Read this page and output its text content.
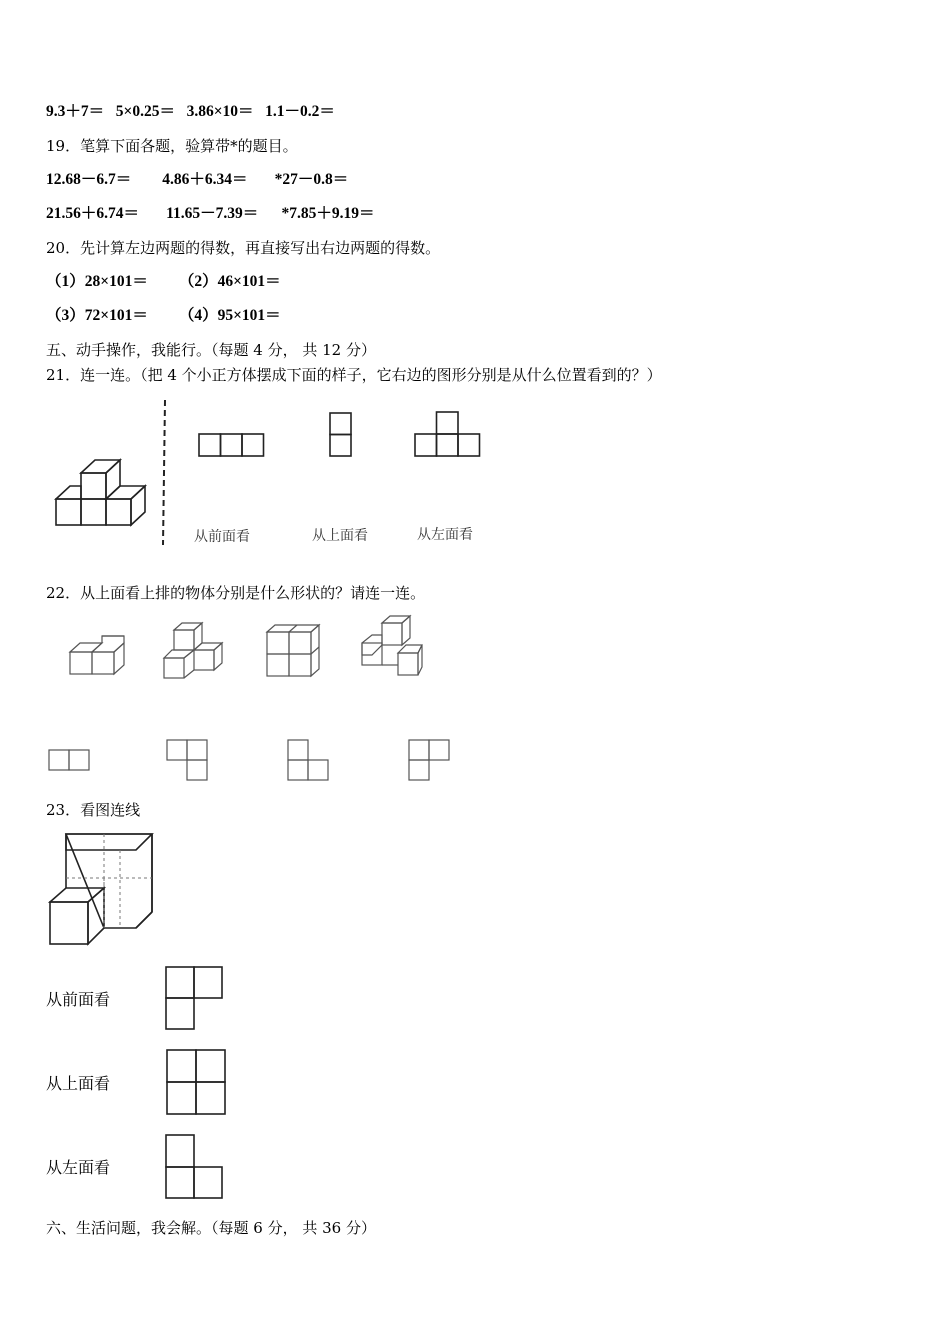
9.3＋7＝   5×0.25＝   3.86×10＝   1.1－0.2＝
19．笔算下面各题，验算带*的题目。
12.68－6.7＝        4.86＋6.34＝       *27－0.8＝
21.56＋6.74＝       11.65－7.39＝      *7.85＋9.19＝
20．先计算左边两题的得数，再直接写出右边两题的得数。
（1）28×101＝        （2）46×101＝
（3）72×101＝        （4）95×101＝
五、动手操作，我能行。（每题 4 分， 共 12 分）
21．连一连。（把 4 个小正方体摆成下面的样子，它右边的图形分别是从什么位置看到的？）
从前面看	从上面看	从左面看
22．从上面看上排的物体分别是什么形状的？请连一连。
23．看图连线
从前面看
从上面看
从左面看
六、生活问题，我会解。（每题 6 分， 共 36 分）
